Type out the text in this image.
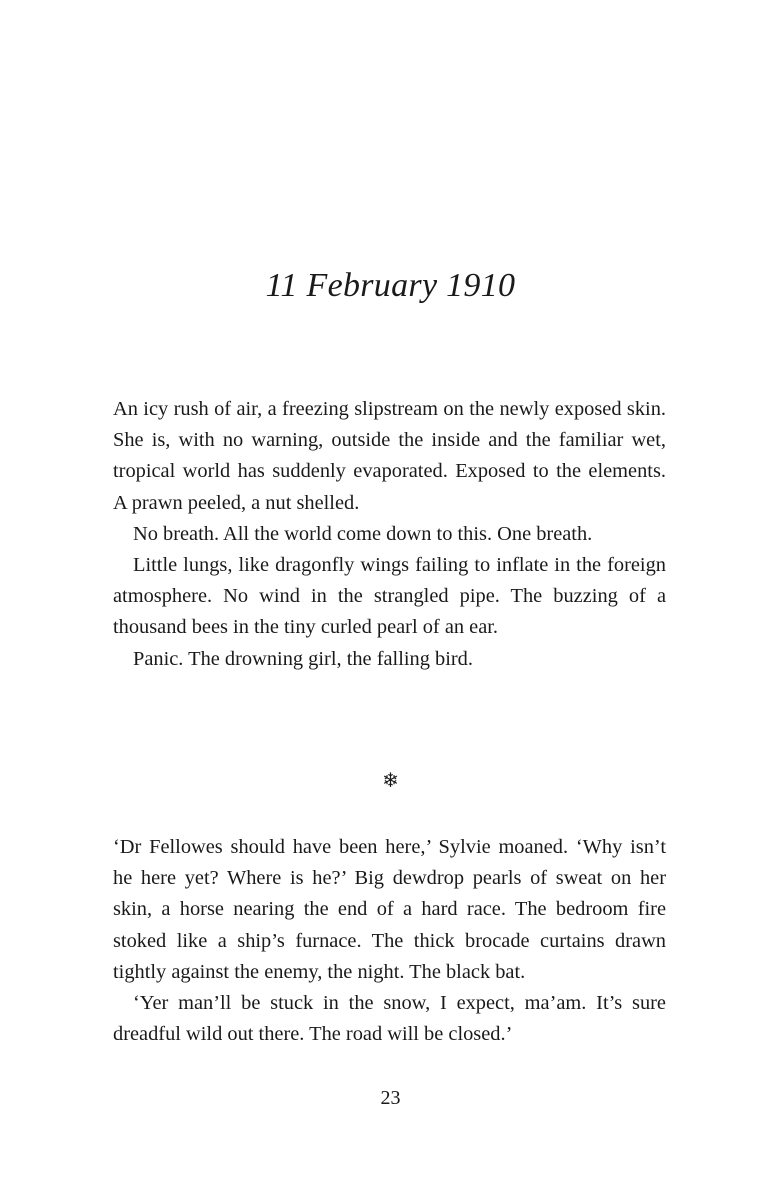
11 February 1910

An icy rush of air, a freezing slipstream on the newly exposed skin. She is, with no warning, outside the inside and the familiar wet, tropical world has suddenly evaporated. Exposed to the elements. A prawn peeled, a nut shelled.

No breath. All the world come down to this. One breath.

Little lungs, like dragonfly wings failing to inflate in the foreign atmosphere. No wind in the strangled pipe. The buzzing of a thousand bees in the tiny curled pearl of an ear.

Panic. The drowning girl, the falling bird.

❄

‘Dr Fellowes should have been here,’ Sylvie moaned. ‘Why isn’t he here yet? Where is he?’ Big dewdrop pearls of sweat on her skin, a horse nearing the end of a hard race. The bedroom fire stoked like a ship’s furnace. The thick brocade curtains drawn tightly against the enemy, the night. The black bat.

‘Yer man’ll be stuck in the snow, I expect, ma’am. It’s sure dreadful wild out there. The road will be closed.’

23
